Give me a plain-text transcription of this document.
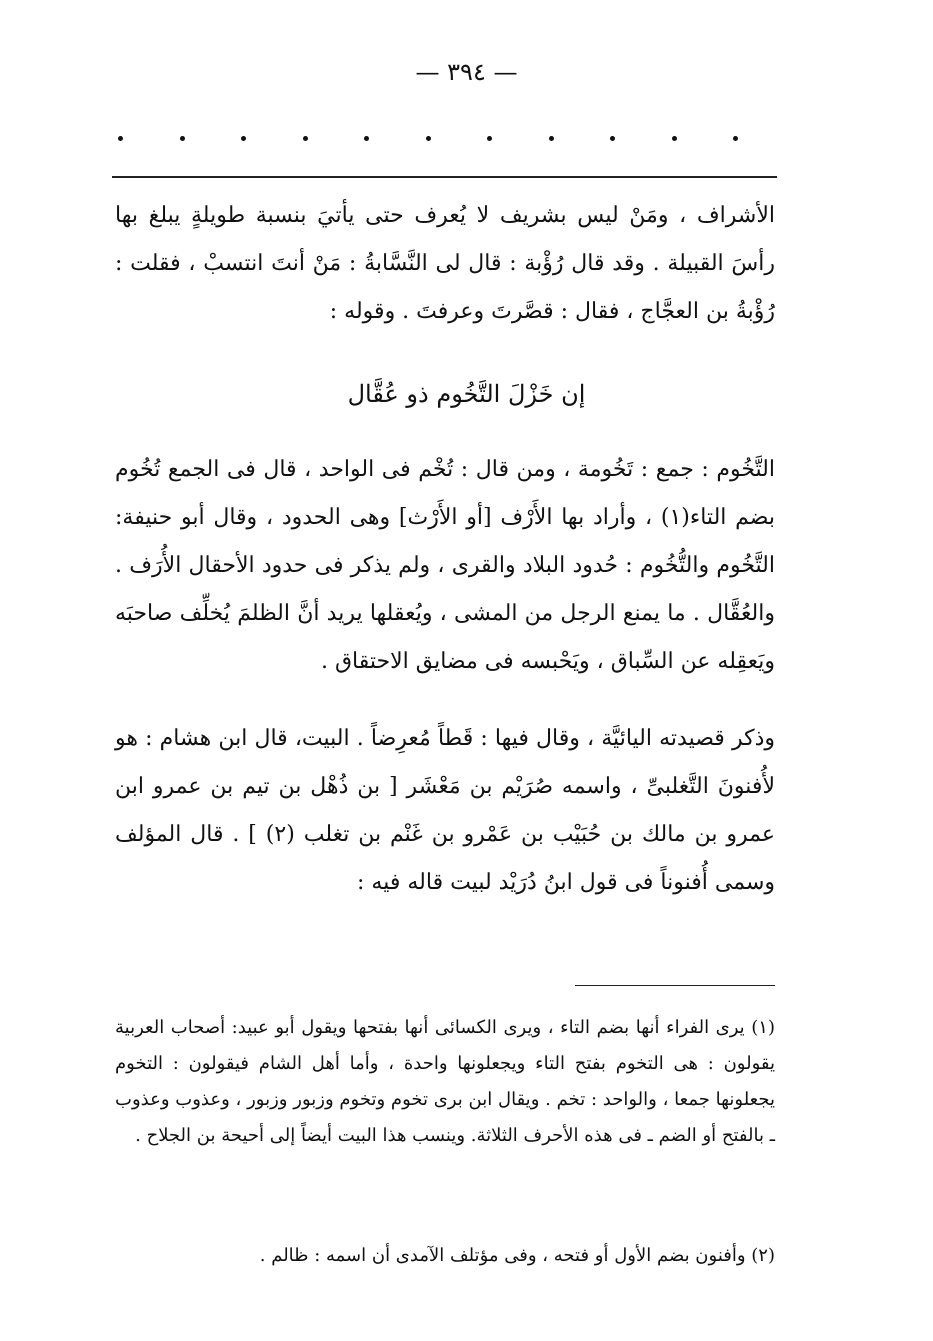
— ٣٩٤ —

الأشراف ، ومَنْ ليس بشريف لا يُعرف حتى يأتيَ بنسبة طويلةٍ يبلغ بها رأسَ القبيلة . وقد قال رُؤْبة : قال لى النَّسَّابةُ : مَنْ أنتَ انتسبْ ، فقلت : رُؤْبةُ بن العجَّاج ، فقال : قصَّرتَ وعرفتَ . وقوله :

إن خَزْلَ التَّخُوم ذو عُقَّال

التَّخُوم : جمع : تَخُومة ، ومن قال : تُخْم فى الواحد ، قال فى الجمع تُخُوم بضم التاء(١) ، وأراد بها الأَرْف [أو الأَرْث] وهى الحدود ، وقال أبو حنيفة: التَّخُوم والتُّخُوم : حُدود البلاد والقرى ، ولم يذكر فى حدود الأحقال الأُرَف . والعُقَّال . ما يمنع الرجل من المشى ، ويُعقلها يريد أنَّ الظلمَ يُخلِّف صاحبَه ويَعقِله عن السِّباق ، ويَحْبسه فى مضايق الاحتقاق .

وذكر قصيدته اليائيَّة ، وقال فيها : قَطاً مُعرِضاً . البيت، قال ابن هشام : هو لأُفنونَ التَّغلبىِّ ، واسمه صُرَيْم بن مَعْشَر [ بن ذُهْل بن تيم بن عمرو ابن عمرو بن مالك بن حُبَيْب بن عَمْرو بن غَنْم بن تغلب (٢) ] . قال المؤلف وسمى أُفنوناً فى قول ابنُ دُرَيْد لبيت قاله فيه :

(١) يرى الفراء أنها بضم التاء ، ويرى الكسائى أنها بفتحها ويقول أبو عبيد: أصحاب العربية يقولون : هى التخوم بفتح التاء ويجعلونها واحدة ، وأما أهل الشام فيقولون : التخوم يجعلونها جمعا ، والواحد : تخم . ويقال ابن برى تخوم وتخوم وزبور وزبور ، وعذوب وعذوب ـ بالفتح أو الضم ـ فى هذه الأحرف الثلاثة. وينسب هذا البيت أيضاً إلى أحيحة بن الجلاح .

(٢) وأفنون بضم الأول أو فتحه ، وفى مؤتلف الآمدى أن اسمه : ظالم .
